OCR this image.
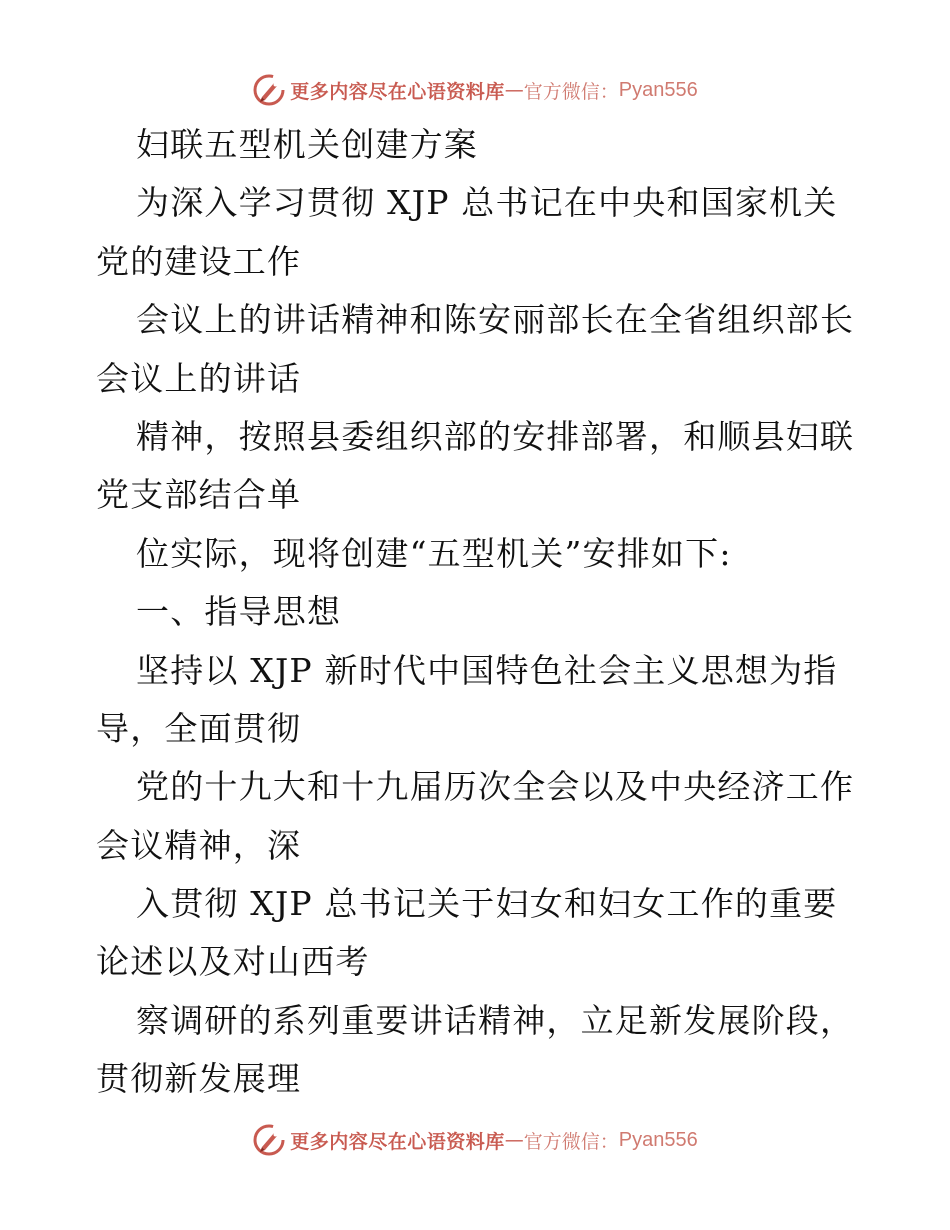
更多内容尽在心语资料库 — 官方微信： Pyan556
妇联五型机关创建方案
为深入学习贯彻 XJP 总书记在中央和国家机关
党的建设工作
会议上的讲话精神和陈安丽部长在全省组织部长
会议上的讲话
精神，按照县委组织部的安排部署，和顺县妇联
党支部结合单
位实际，现将创建“五型机关”安排如下:
一、指导思想
坚持以 XJP 新时代中国特色社会主义思想为指
导，全面贯彻
党的十九大和十九届历次全会以及中央经济工作
会议精神，深
入贯彻 XJP 总书记关于妇女和妇女工作的重要
论述以及对山西考
察调研的系列重要讲话精神，立足新发展阶段，
贯彻新发展理
更多内容尽在心语资料库 — 官方微信： Pyan556
